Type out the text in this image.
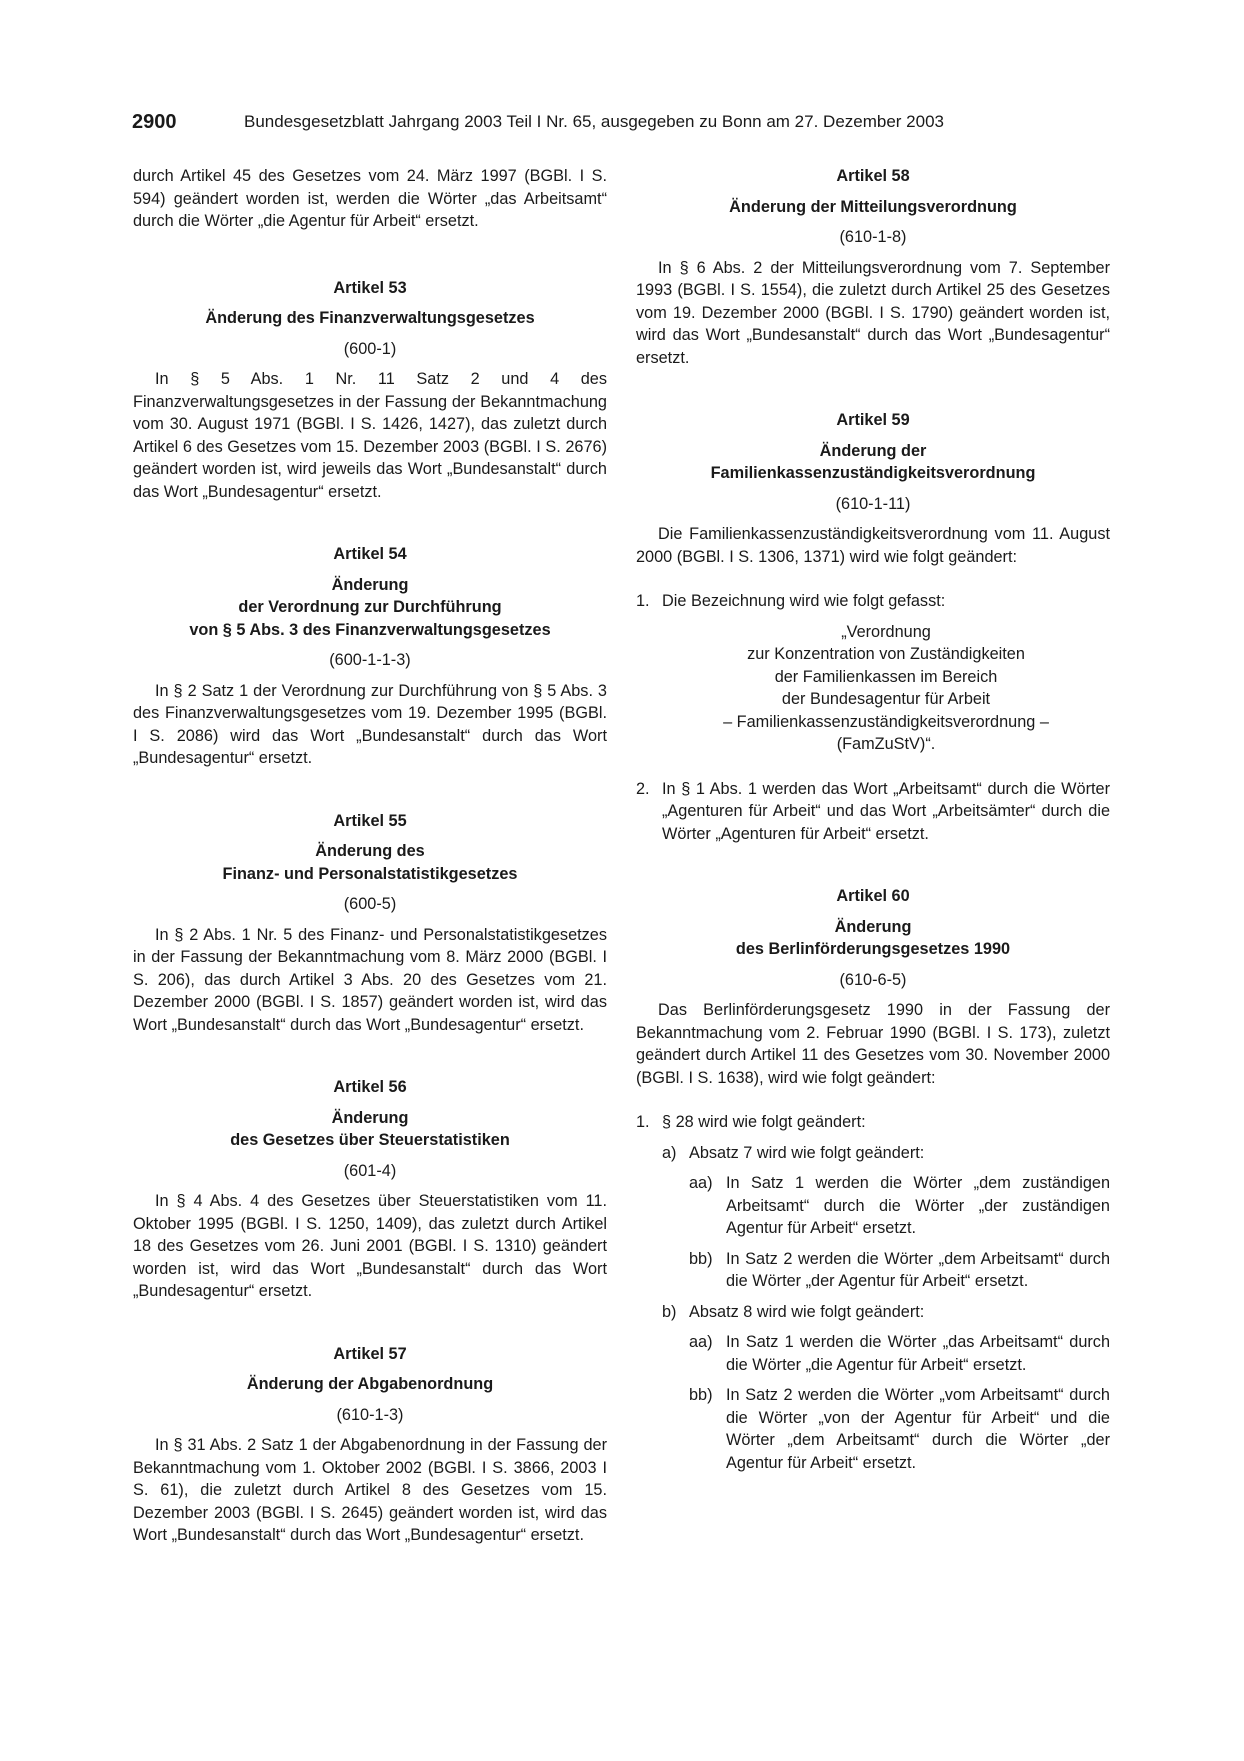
2900	Bundesgesetzblatt Jahrgang 2003 Teil I Nr. 65, ausgegeben zu Bonn am 27. Dezember 2003

durch Artikel 45 des Gesetzes vom 24. März 1997 (BGBl. I S. 594) geändert worden ist, werden die Wörter „das Arbeitsamt“ durch die Wörter „die Agentur für Arbeit“ ersetzt.

Artikel 53
Änderung des Finanzverwaltungsgesetzes
(600-1)

In § 5 Abs. 1 Nr. 11 Satz 2 und 4 des Finanzverwaltungsgesetzes in der Fassung der Bekanntmachung vom 30. August 1971 (BGBl. I S. 1426, 1427), das zuletzt durch Artikel 6 des Gesetzes vom 15. Dezember 2003 (BGBl. I S. 2676) geändert worden ist, wird jeweils das Wort „Bundesanstalt“ durch das Wort „Bundesagentur“ ersetzt.

Artikel 54
Änderung
der Verordnung zur Durchführung
von § 5 Abs. 3 des Finanzverwaltungsgesetzes
(600-1-1-3)

In § 2 Satz 1 der Verordnung zur Durchführung von § 5 Abs. 3 des Finanzverwaltungsgesetzes vom 19. Dezember 1995 (BGBl. I S. 2086) wird das Wort „Bundesanstalt“ durch das Wort „Bundesagentur“ ersetzt.

Artikel 55
Änderung des
Finanz- und Personalstatistikgesetzes
(600-5)

In § 2 Abs. 1 Nr. 5 des Finanz- und Personalstatistikgesetzes in der Fassung der Bekanntmachung vom 8. März 2000 (BGBl. I S. 206), das durch Artikel 3 Abs. 20 des Gesetzes vom 21. Dezember 2000 (BGBl. I S. 1857) geändert worden ist, wird das Wort „Bundesanstalt“ durch das Wort „Bundesagentur“ ersetzt.

Artikel 56
Änderung
des Gesetzes über Steuerstatistiken
(601-4)

In § 4 Abs. 4 des Gesetzes über Steuerstatistiken vom 11. Oktober 1995 (BGBl. I S. 1250, 1409), das zuletzt durch Artikel 18 des Gesetzes vom 26. Juni 2001 (BGBl. I S. 1310) geändert worden ist, wird das Wort „Bundesanstalt“ durch das Wort „Bundesagentur“ ersetzt.

Artikel 57
Änderung der Abgabenordnung
(610-1-3)

In § 31 Abs. 2 Satz 1 der Abgabenordnung in der Fassung der Bekanntmachung vom 1. Oktober 2002 (BGBl. I S. 3866, 2003 I S. 61), die zuletzt durch Artikel 8 des Gesetzes vom 15. Dezember 2003 (BGBl. I S. 2645) geändert worden ist, wird das Wort „Bundesanstalt“ durch das Wort „Bundesagentur“ ersetzt.

Artikel 58
Änderung der Mitteilungsverordnung
(610-1-8)

In § 6 Abs. 2 der Mitteilungsverordnung vom 7. September 1993 (BGBl. I S. 1554), die zuletzt durch Artikel 25 des Gesetzes vom 19. Dezember 2000 (BGBl. I S. 1790) geändert worden ist, wird das Wort „Bundesanstalt“ durch das Wort „Bundesagentur“ ersetzt.

Artikel 59
Änderung der
Familienkassenzuständigkeitsverordnung
(610-1-11)

Die Familienkassenzuständigkeitsverordnung vom 11. August 2000 (BGBl. I S. 1306, 1371) wird wie folgt geändert:

1. Die Bezeichnung wird wie folgt gefasst:
„Verordnung
zur Konzentration von Zuständigkeiten
der Familienkassen im Bereich
der Bundesagentur für Arbeit
– Familienkassenzuständigkeitsverordnung –
(FamZuStV)“.
2. In § 1 Abs. 1 werden das Wort „Arbeitsamt“ durch die Wörter „Agenturen für Arbeit“ und das Wort „Arbeitsämter“ durch die Wörter „Agenturen für Arbeit“ ersetzt.
Artikel 60
Änderung
des Berlinförderungsgesetzes 1990
(610-6-5)

Das Berlinförderungsgesetz 1990 in der Fassung der Bekanntmachung vom 2. Februar 1990 (BGBl. I S. 173), zuletzt geändert durch Artikel 11 des Gesetzes vom 30. November 2000 (BGBl. I S. 1638), wird wie folgt geändert:

1. § 28 wird wie folgt geändert:
a) Absatz 7 wird wie folgt geändert:
aa) In Satz 1 werden die Wörter „dem zuständigen Arbeitsamt“ durch die Wörter „der zuständigen Agentur für Arbeit“ ersetzt.
bb) In Satz 2 werden die Wörter „dem Arbeitsamt“ durch die Wörter „der Agentur für Arbeit“ ersetzt.
b) Absatz 8 wird wie folgt geändert:
aa) In Satz 1 werden die Wörter „das Arbeitsamt“ durch die Wörter „die Agentur für Arbeit“ ersetzt.
bb) In Satz 2 werden die Wörter „vom Arbeitsamt“ durch die Wörter „von der Agentur für Arbeit“ und die Wörter „dem Arbeitsamt“ durch die Wörter „der Agentur für Arbeit“ ersetzt.
